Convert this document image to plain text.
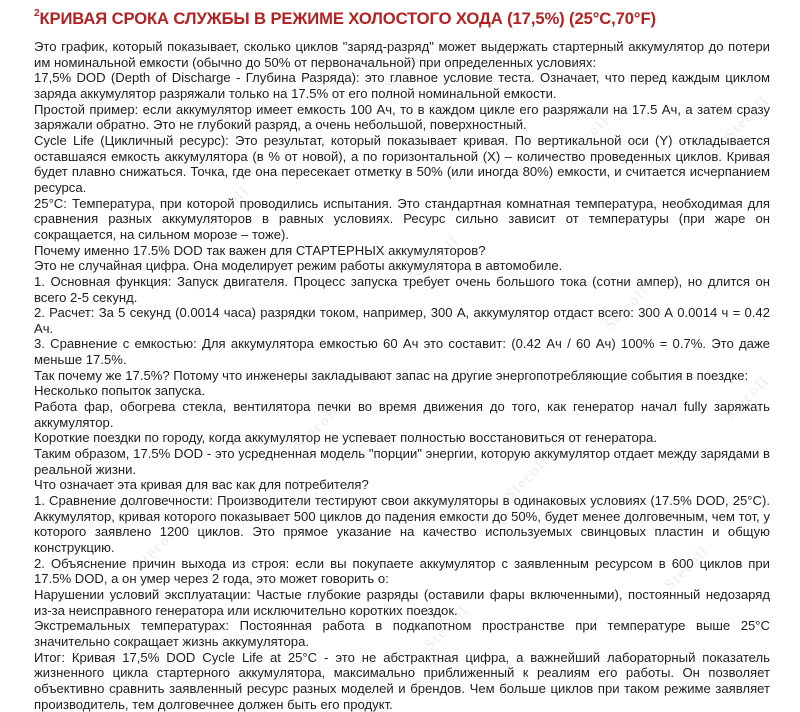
$^2$КРИВАЯ СРОКА СЛУЖБЫ В РЕЖИМЕ ХОЛОСТОГО ХОДА (17,5%) (25°С,70°F)

Это график, который показывает, сколько циклов "заряд-разряд" может выдержать стартерный аккумулятор до потери им номинальной емкости (обычно до 50% от первоначальной) при определенных условиях:

17,5% DOD (Depth of Discharge - Глубина Разряда): это главное условие теста. Означает, что перед каждым циклом заряда аккумулятор разряжали только на 17.5% от его полной номинальной емкости.

Простой пример: если аккумулятор имеет емкость 100 Ач, то в каждом цикле его разряжали на 17.5 Ач, а затем сразу заряжали обратно. Это не глубокий разряд, а очень небольшой, поверхностный.

Cycle Life (Цикличный ресурс): Это результат, который показывает кривая. По вертикальной оси (Y) откладывается оставшаяся емкость аккумулятора (в % от новой), а по горизонтальной (X) – количество проведенных циклов. Кривая будет плавно снижаться. Точка, где она пересекает отметку в 50% (или иногда 80%) емкости, и считается исчерпанием ресурса.

25°С: Температура, при которой проводились испытания. Это стандартная комнатная температура, необходимая для сравнения разных аккумуляторов в равных условиях. Ресурс сильно зависит от температуры (при жаре он сокращается, на сильном морозе – тоже).

Почему именно 17.5% DOD так важен для СТАРТЕРНЫХ аккумуляторов?

Это не случайная цифра. Она моделирует режим работы аккумулятора в автомобиле.

1. Основная функция: Запуск двигателя. Процесс запуска требует очень большого тока (сотни ампер), но длится он всего 2-5 секунд.

2. Расчет: За 5 секунд (0.0014 часа) разрядки током, например, 300 А, аккумулятор отдаст всего: 300 А 0.0014 ч = 0.42 Ач.

3. Сравнение с емкостью: Для аккумулятора емкостью 60 Ач это составит: (0.42 Ач / 60 Ач) 100% = 0.7%. Это даже меньше 17.5%.

Так почему же 17.5%? Потому что инженеры закладывают запас на другие энергопотребляющие события в поездке:

Несколько попыток запуска.

Работа фар, обогрева стекла, вентилятора печки во время движения до того, как генератор начал fully заряжать аккумулятор.

Короткие поездки по городу, когда аккумулятор не успевает полностью восстановиться от генератора.

Таким образом, 17.5% DOD - это усредненная модель "порции" энергии, которую аккумулятор отдает между зарядами в реальной жизни.

Что означает эта кривая для вас как для потребителя?

1. Сравнение долговечности: Производители тестируют свои аккумуляторы в одинаковых условиях (17.5% DOD, 25°С). Аккумулятор, кривая которого показывает 500 циклов до падения емкости до 50%, будет менее долговечным, чем тот, у которого заявлено 1200 циклов. Это прямое указание на качество используемых свинцовых пластин и общую конструкцию.

2. Объяснение причин выхода из строя: если вы покупаете аккумулятор с заявленным ресурсом в 600 циклов при 17.5% DOD, а он умер через 2 года, это может говорить о:

Нарушении условий эксплуатации: Частые глубокие разряды (оставили фары включенными), постоянный недозаряд из-за неисправного генератора или исключительно коротких поездок.

Экстремальных температурах: Постоянная работа в подкапотном пространстве при температуре выше 25°С значительно сокращает жизнь аккумулятора.

Итог: Кривая 17,5% DOD Cycle Life at 25°C - это не абстрактная цифра, а важнейший лабораторный показатель жизненного цикла стартерного аккумулятора, максимально приближенный к реалиям его работы. Он позволяет объективно сравнить заявленный ресурс разных моделей и брендов. Чем больше циклов при таком режиме заявляет производитель, тем долговечнее должен быть его продукт.

Stecoll
Stecoll	Stecoll
Stecoll
Stecoll
Stecoll
Stecoll
Stecoll
Stecoll
Stecoll	Stecoll
Stecoll
